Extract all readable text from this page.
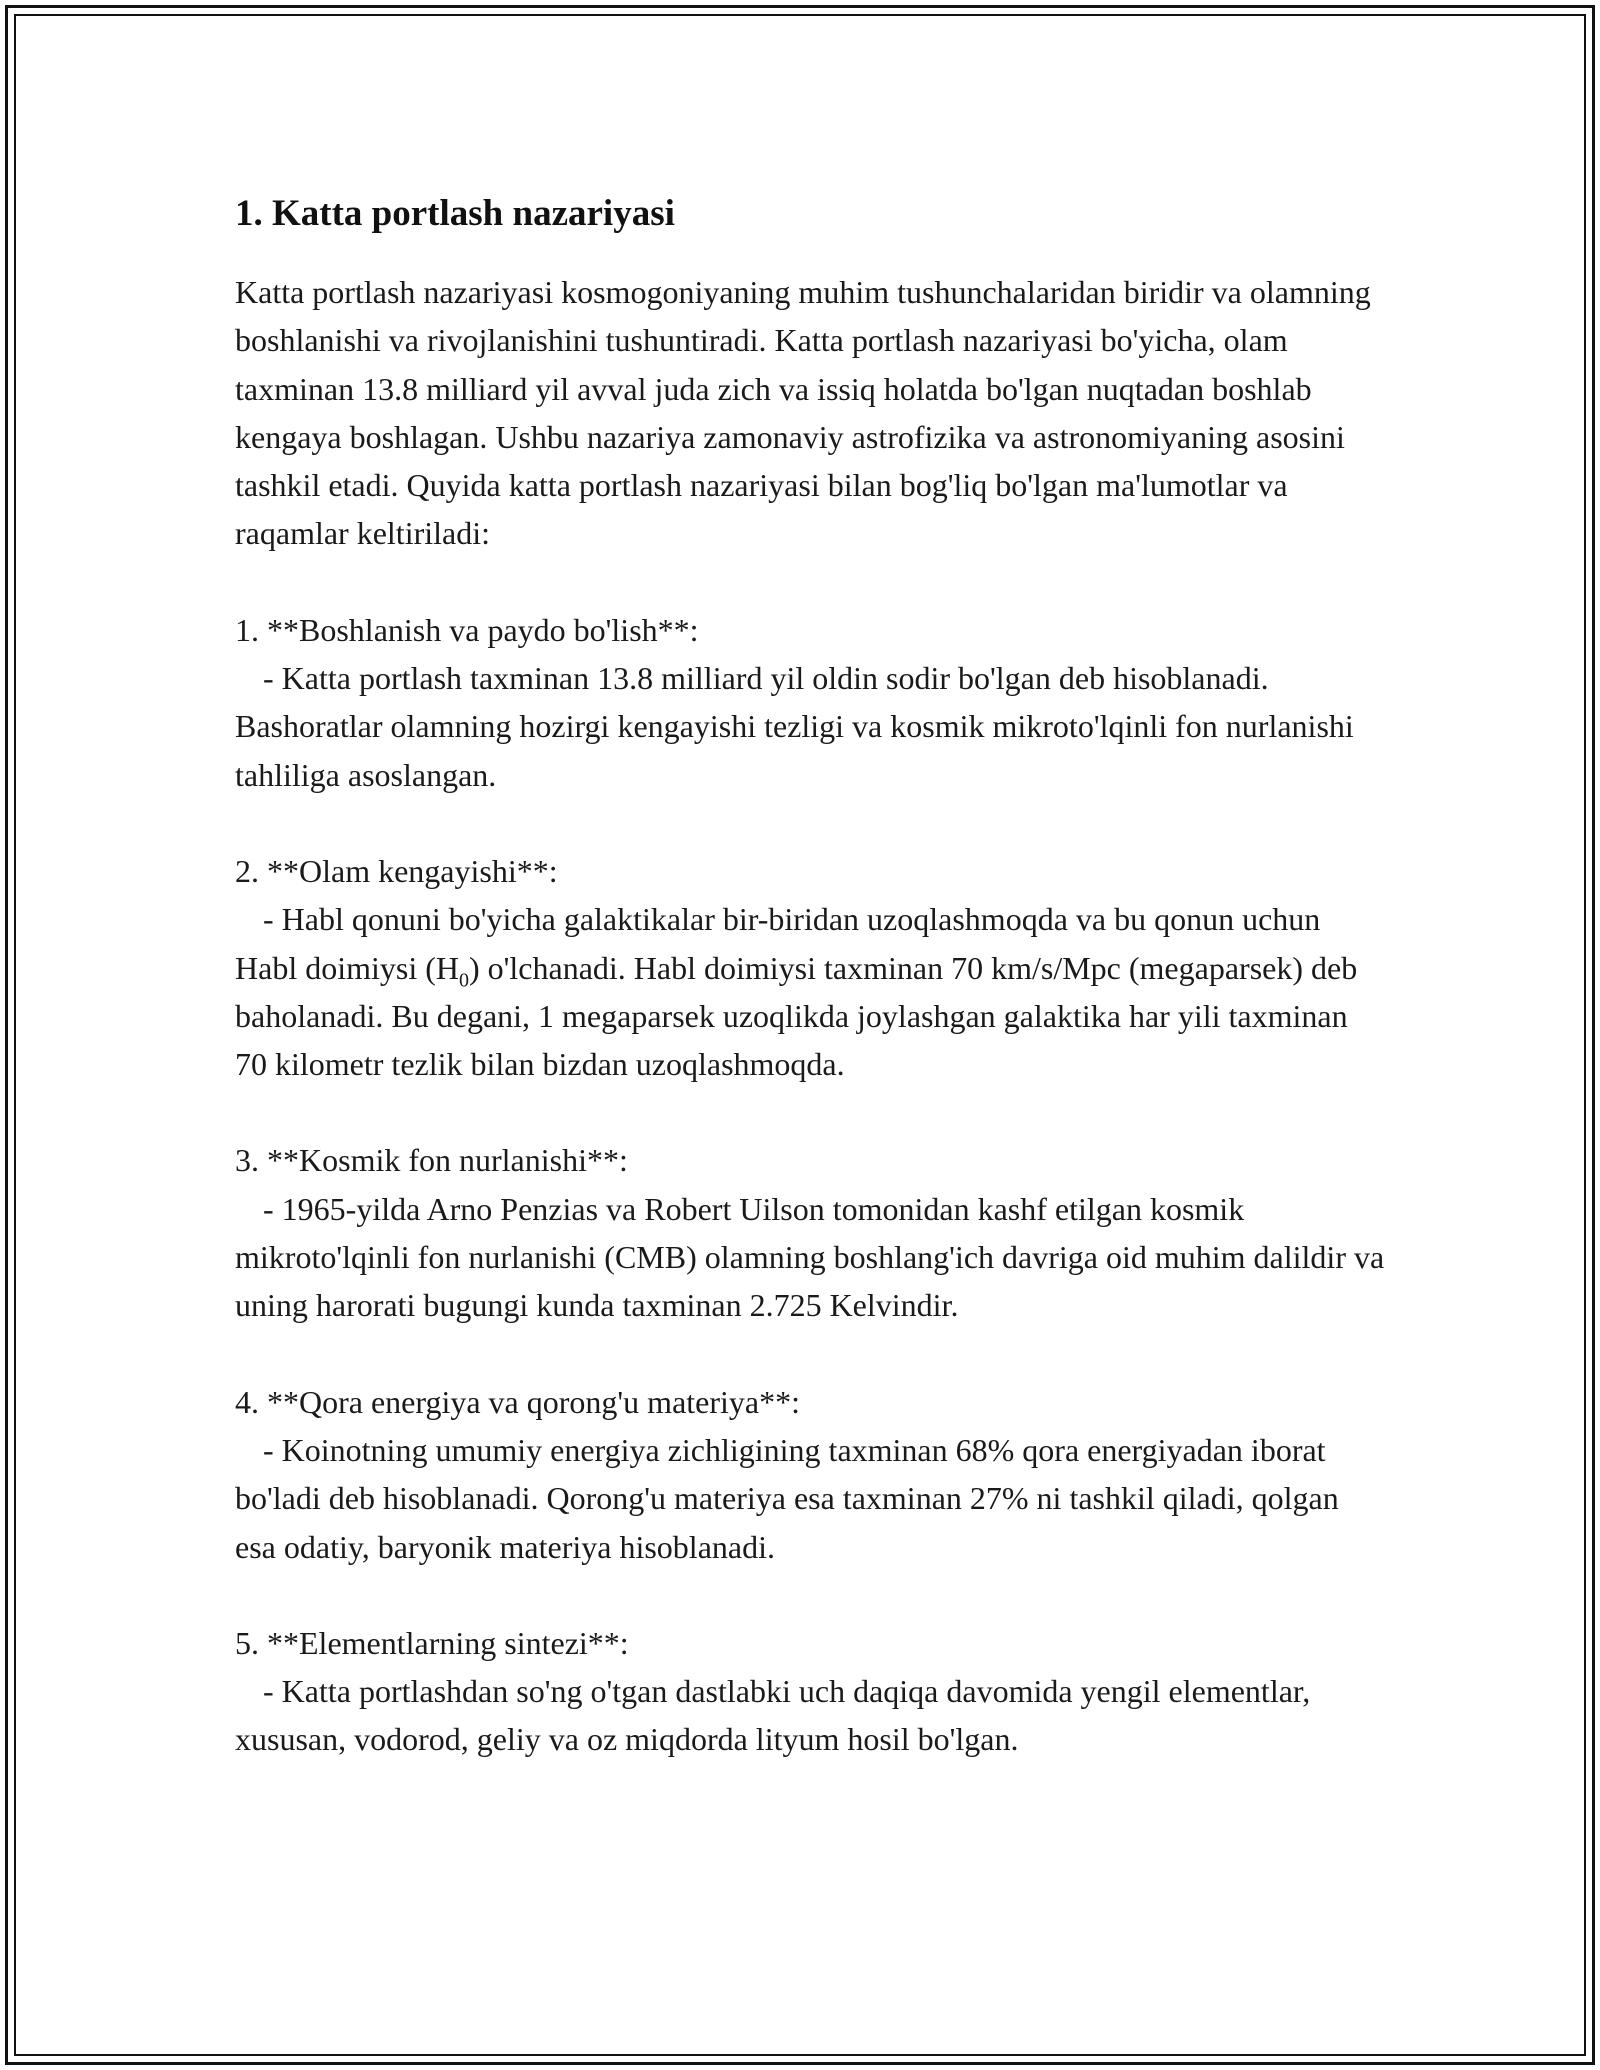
1. Katta portlash nazariyasi

Katta portlash nazariyasi kosmogoniyaning muhim tushunchalaridan biridir va olamning boshlanishi va rivojlanishini tushuntiradi. Katta portlash nazariyasi bo'yicha, olam taxminan 13.8 milliard yil avval juda zich va issiq holatda bo'lgan nuqtadan boshlab kengaya boshlagan. Ushbu nazariya zamonaviy astrofizika va astronomiyaning asosini tashkil etadi. Quyida katta portlash nazariyasi bilan bog'liq bo'lgan ma'lumotlar va raqamlar keltiriladi:

1. **Boshlanish va paydo bo'lish**:

- Katta portlash taxminan 13.8 milliard yil oldin sodir bo'lgan deb hisoblanadi. Bashoratlar olamning hozirgi kengayishi tezligi va kosmik mikroto'lqinli fon nurlanishi tahliliga asoslangan.

2. **Olam kengayishi**:

- Habl qonuni bo'yicha galaktikalar bir-biridan uzoqlashmoqda va bu qonun uchun Habl doimiysi $(H_0)$ o'lchanadi. Habl doimiysi taxminan 70 km/s/Mpc (megaparsek) deb baholanadi. Bu degani, 1 megaparsek uzoqlikda joylashgan galaktika har yili taxminan 70 kilometr tezlik bilan bizdan uzoqlashmoqda.

3. **Kosmik fon nurlanishi**:

- 1965-yilda Arno Penzias va Robert Uilson tomonidan kashf etilgan kosmik mikroto'lqinli fon nurlanishi (CMB) olamning boshlang'ich davriga oid muhim dalildir va uning harorati bugungi kunda taxminan 2.725 Kelvindir.

4. **Qora energiya va qorong'u materiya**:

- Koinotning umumiy energiya zichligining taxminan 68% qora energiyadan iborat bo'ladi deb hisoblanadi. Qorong'u materiya esa taxminan 27% ni tashkil qiladi, qolgan esa odatiy, baryonik materiya hisoblanadi.

5. **Elementlarning sintezi**:

- Katta portlashdan so'ng o'tgan dastlabki uch daqiqa davomida yengil elementlar, xususan, vodorod, geliy va oz miqdorda lityum hosil bo'lgan.
